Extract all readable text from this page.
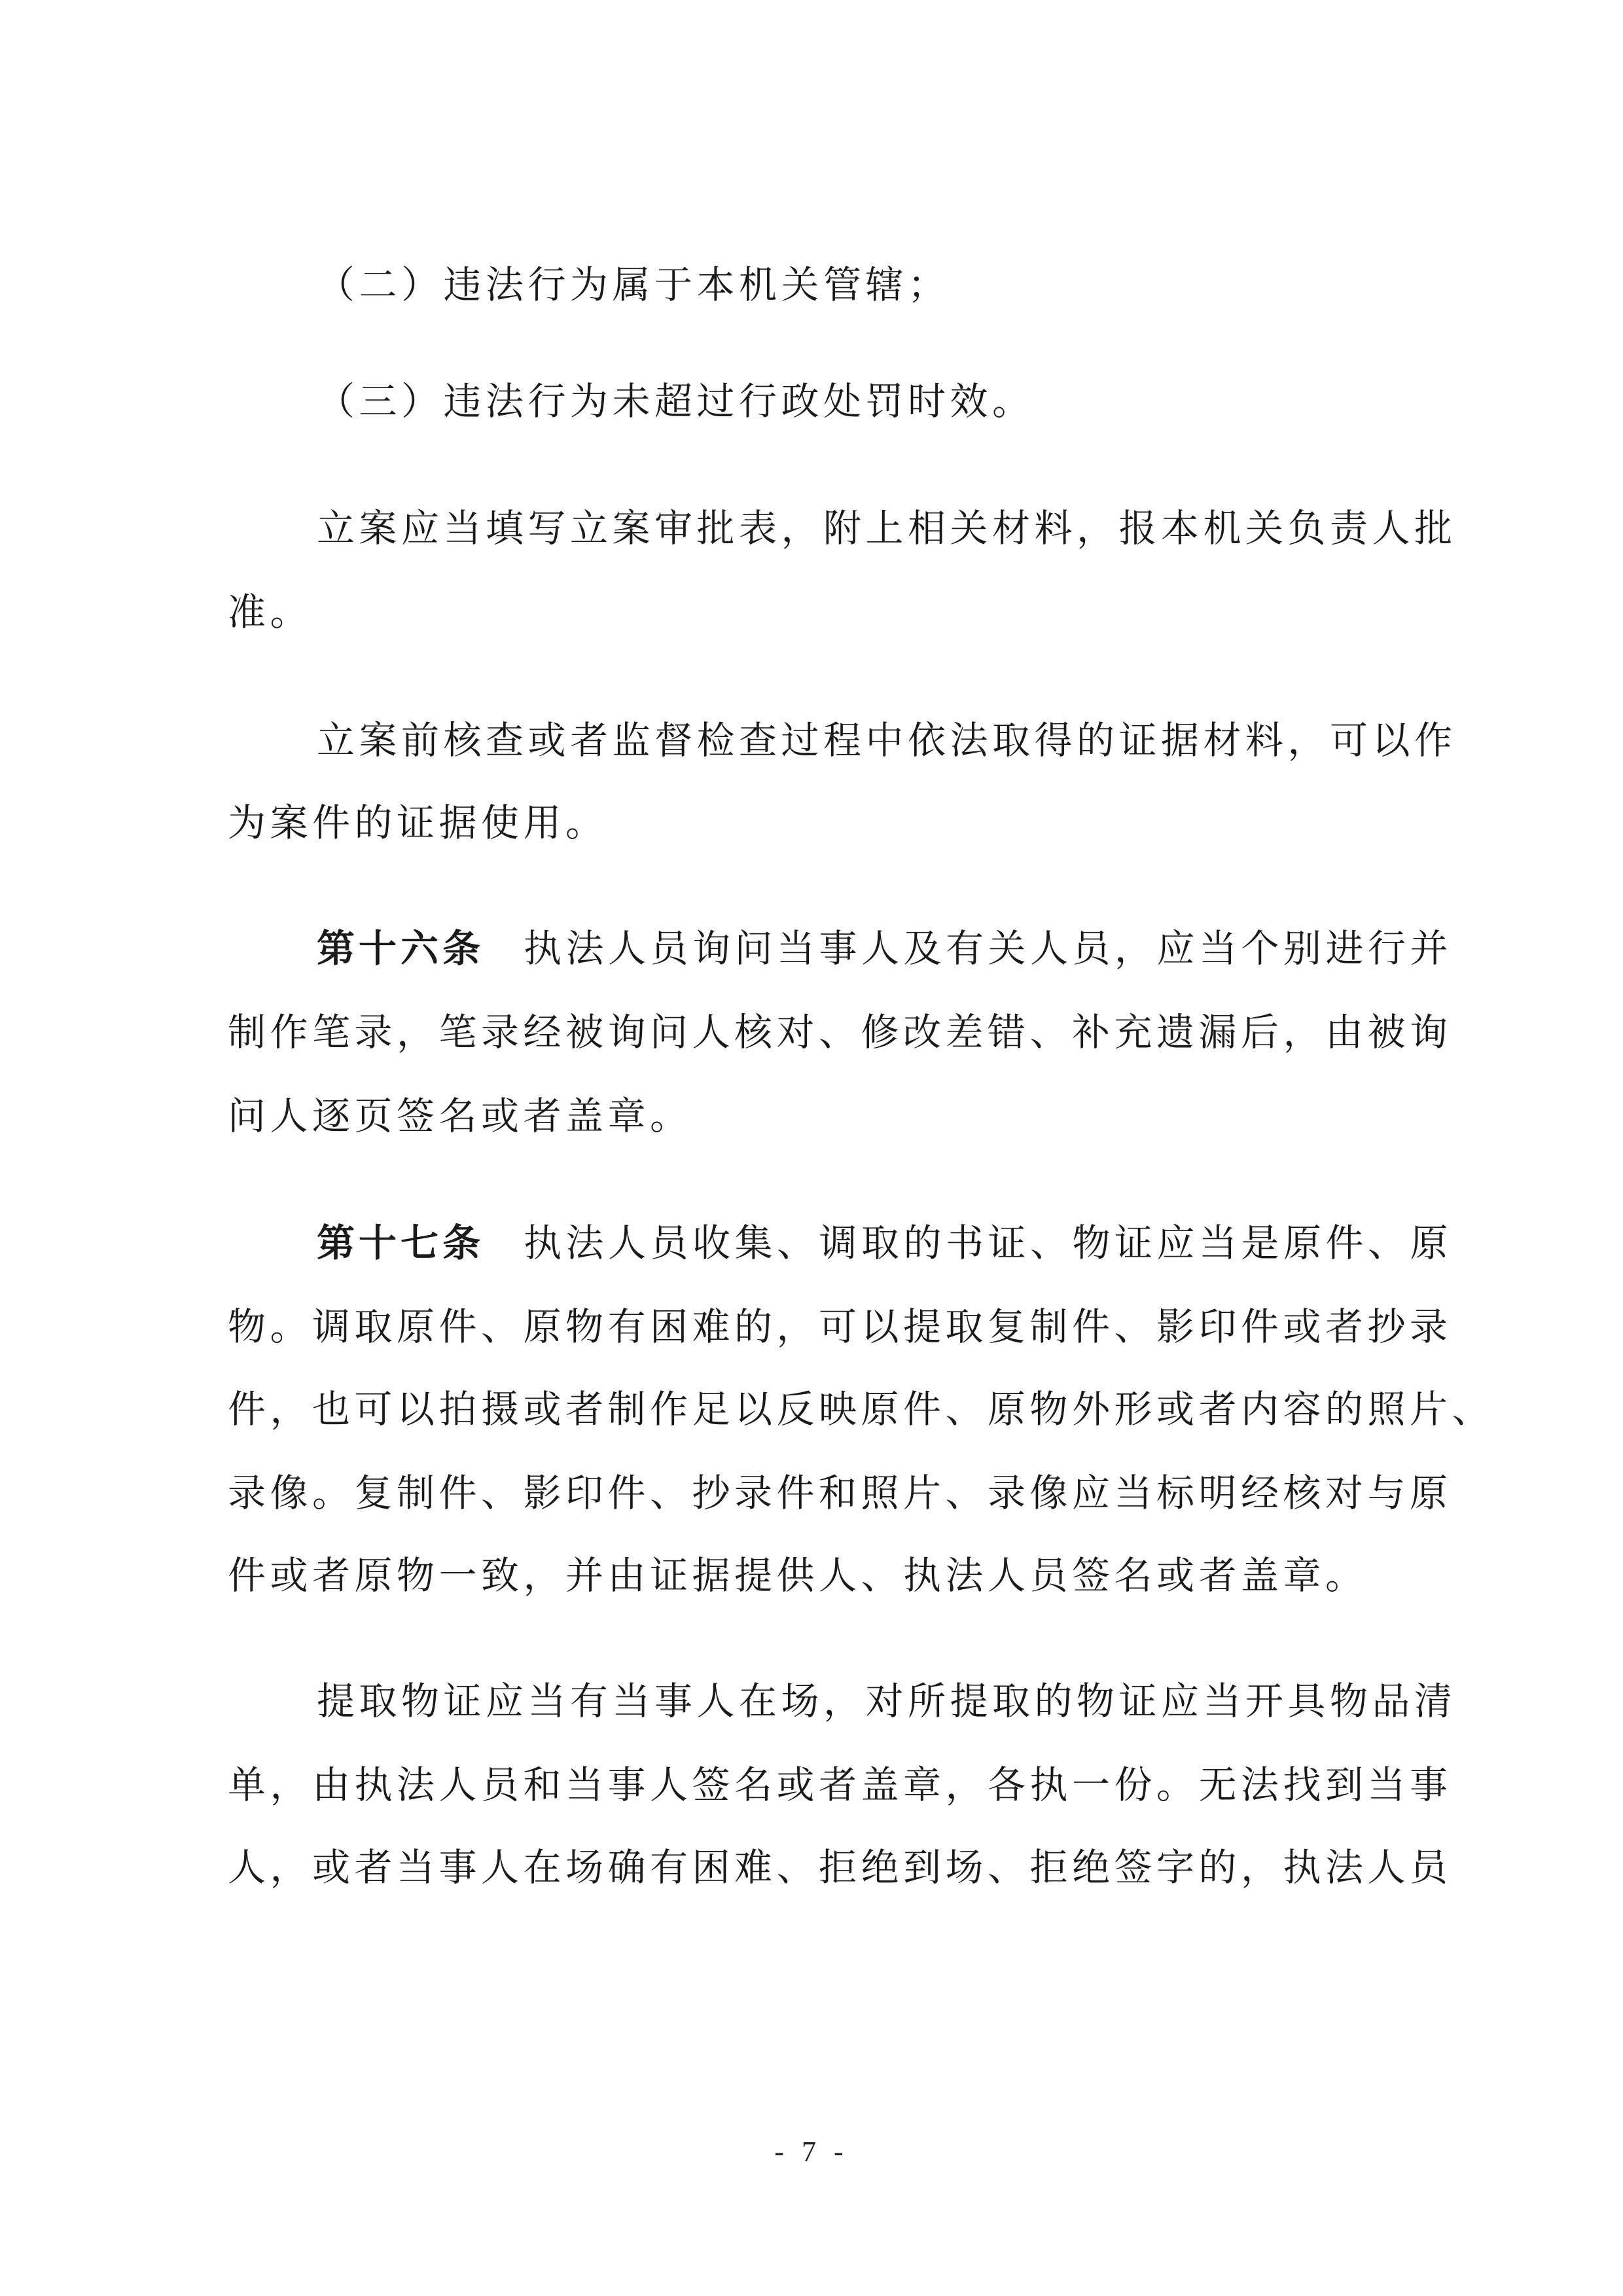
（二）违法行为属于本机关管辖；
（三）违法行为未超过行政处罚时效。
立案应当填写立案审批表，附上相关材料，报本机关负责人批
准。
立案前核查或者监督检查过程中依法取得的证据材料，可以作
为案件的证据使用。
第十六条 执法人员询问当事人及有关人员，应当个别进行并
制作笔录，笔录经被询问人核对、修改差错、补充遗漏后，由被询
问人逐页签名或者盖章。
第十七条 执法人员收集、调取的书证、物证应当是原件、原
物。调取原件、原物有困难的，可以提取复制件、影印件或者抄录
件，也可以拍摄或者制作足以反映原件、原物外形或者内容的照片、
录像。复制件、影印件、抄录件和照片、录像应当标明经核对与原
件或者原物一致，并由证据提供人、执法人员签名或者盖章。
提取物证应当有当事人在场，对所提取的物证应当开具物品清
单，由执法人员和当事人签名或者盖章，各执一份。无法找到当事
人，或者当事人在场确有困难、拒绝到场、拒绝签字的，执法人员
- 7 -
